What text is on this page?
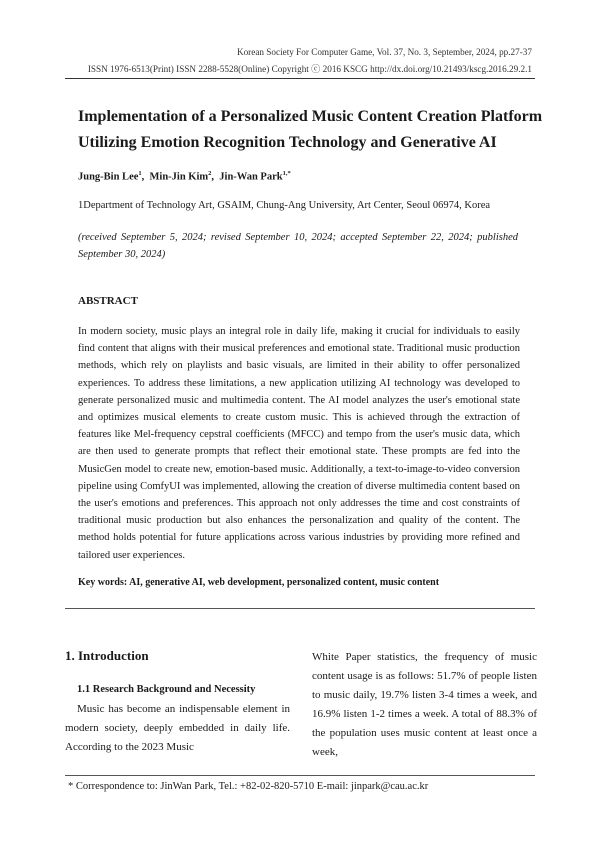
Korean Society For Computer Game, Vol. 37, No. 3, September, 2024, pp.27-37
ISSN 1976-6513(Print) ISSN 2288-5528(Online) Copyright ⓒ 2016 KSCG http://dx.doi.org/10.21493/kscg.2016.29.2.1
Implementation of a Personalized Music Content Creation Platform Utilizing Emotion Recognition Technology and Generative AI
Jung-Bin Lee$^1$,  Min-Jin Kim$^2$,  Jin-Wan Park$^{1,*}$
1Department of Technology Art, GSAIM, Chung-Ang University, Art Center, Seoul 06974, Korea
(received September 5, 2024; revised September 10, 2024; accepted September 22, 2024; published September 30, 2024)
ABSTRACT
In modern society, music plays an integral role in daily life, making it crucial for individuals to easily find content that aligns with their musical preferences and emotional state. Traditional music production methods, which rely on playlists and basic visuals, are limited in their ability to offer personalized experiences. To address these limitations, a new application utilizing AI technology was developed to generate personalized music and multimedia content. The AI model analyzes the user's emotional state and optimizes musical elements to create custom music. This is achieved through the extraction of features like Mel-frequency cepstral coefficients (MFCC) and tempo from the user's music data, which are then used to generate prompts that reflect their emotional state. These prompts are fed into the MusicGen model to create new, emotion-based music. Additionally, a text-to-image-to-video conversion pipeline using ComfyUI was implemented, allowing the creation of diverse multimedia content based on the user's emotions and preferences. This approach not only addresses the time and cost constraints of traditional music production but also enhances the personalization and quality of the content. The method holds potential for future applications across various industries by providing more refined and tailored user experiences.
Key words: AI, generative AI, web development, personalized content, music content
1. Introduction
1.1 Research Background and Necessity

Music has become an indispensable element in modern society, deeply embedded in daily life. According to the 2023 Music

White Paper statistics, the frequency of music content usage is as follows: 51.7% of people listen to music daily, 19.7% listen 3-4 times a week, and 16.9% listen 1-2 times a week. A total of 88.3% of the population uses music content at least once a week,

* Correspondence to: JinWan Park, Tel.: +82-02-820-5710 E-mail: jinpark@cau.ac.kr
